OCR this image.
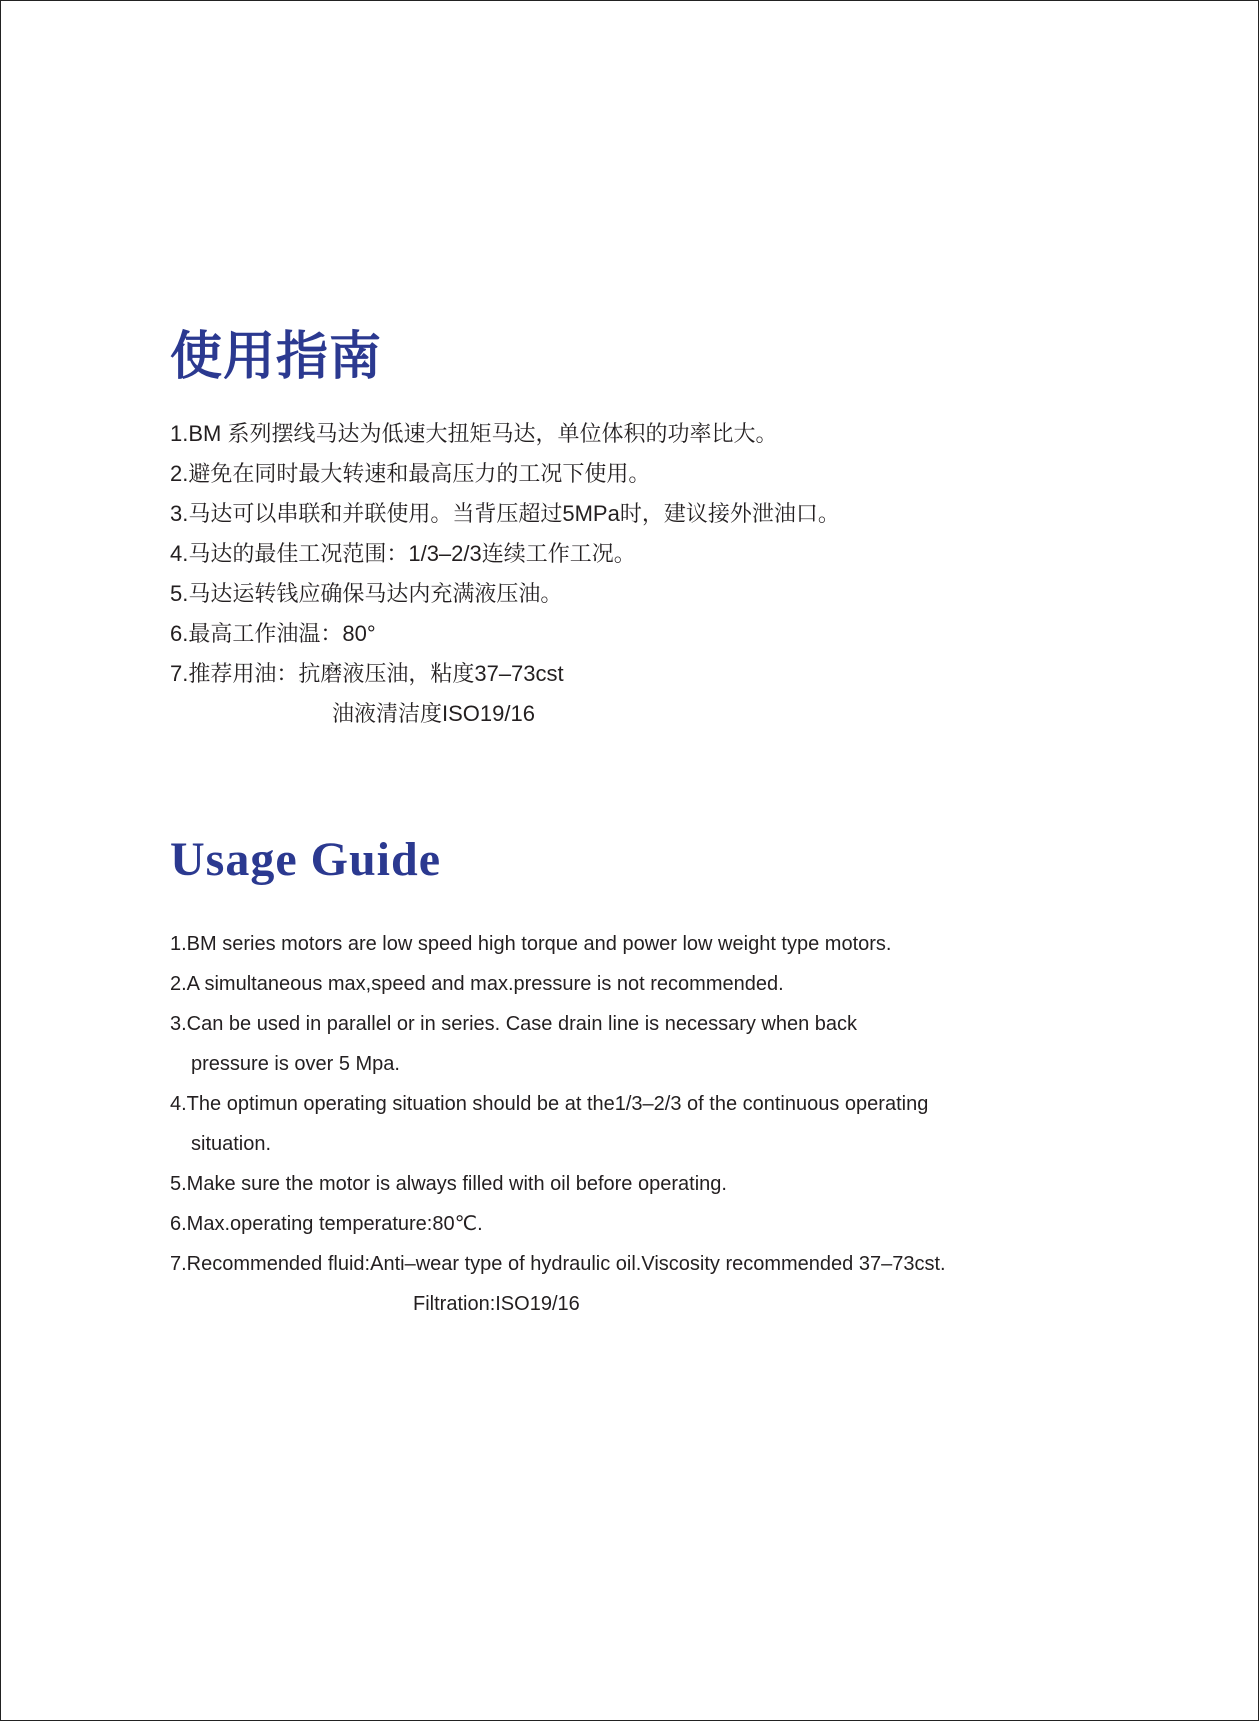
使用指南
1.BM 系列摆线马达为低速大扭矩马达，单位体积的功率比大。
2.避免在同时最大转速和最高压力的工况下使用。
3.马达可以串联和并联使用。当背压超过5MPa时，建议接外泄油口。
4.马达的最佳工况范围：1/3–2/3连续工作工况。
5.马达运转钱应确保马达内充满液压油。
6.最高工作油温：80°
7.推荐用油：抗磨液压油，粘度37–73cst
油液清洁度ISO19/16
Usage Guide
1.BM series motors are low speed high torque and power low weight type motors.
2.A simultaneous max,speed and max.pressure is not recommended.
3.Can be used in parallel or in series. Case drain line is necessary when back
pressure is over 5 Mpa.
4.The optimun operating situation should be at the1/3–2/3 of the continuous operating
situation.
5.Make sure the motor is always filled with oil before operating.
6.Max.operating temperature:80℃.
7.Recommended fluid:Anti–wear type of hydraulic oil.Viscosity recommended 37–73cst.
Filtration:ISO19/16
